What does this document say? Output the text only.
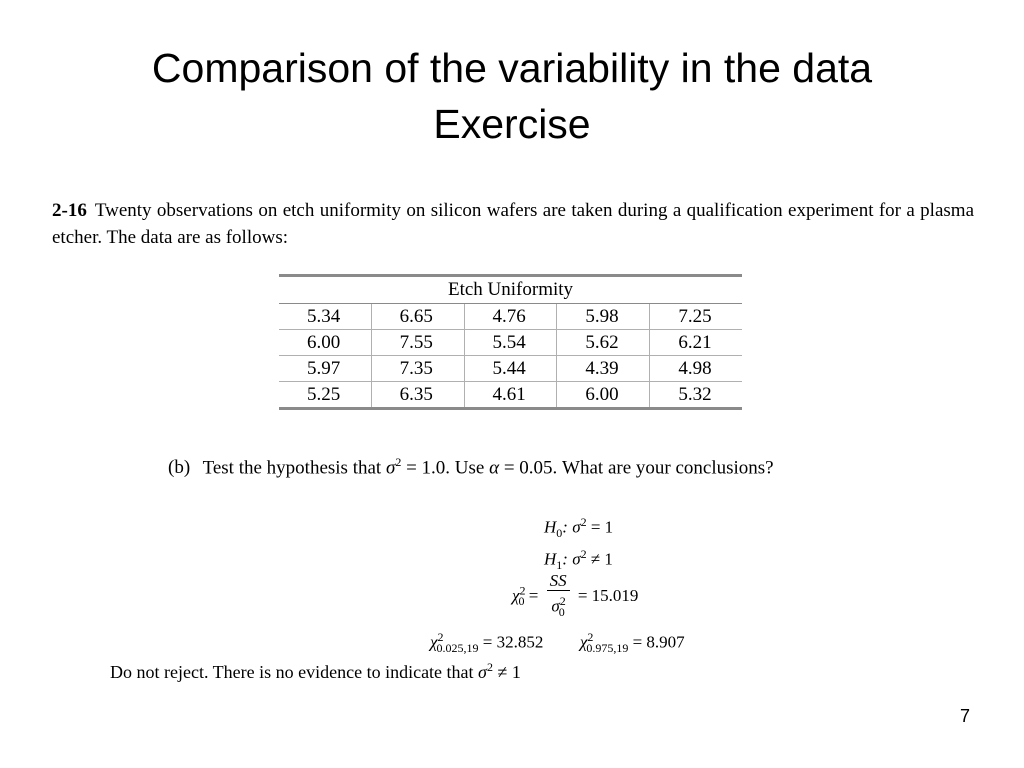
Comparison of the variability in the data
Exercise
2-16 Twenty observations on etch uniformity on silicon wafers are taken during a qualification experiment for a plasma etcher. The data are as follows:
Etch Uniformity				
5.34	6.65	4.76	5.98	7.25
6.00	7.55	5.54	5.62	6.21
5.97	7.35	5.44	4.39	4.98
5.25	6.35	4.61	6.00	5.32
(b) Test the hypothesis that $\sigma^2 = 1.0$. Use α = 0.05. What are your conclusions?
$H_0$: $\sigma^2 = 1$
$H_1$: $\sigma^2 \ne 1$
$\chi^2_0 = \frac{SS}{\sigma^2_0} = 15.019$
$\chi^2_{0.025,19} = 32.852$ $\chi^2_{0.975,19} = 8.907$
Do not reject. There is no evidence to indicate that $\sigma^2 \ne 1$
7
